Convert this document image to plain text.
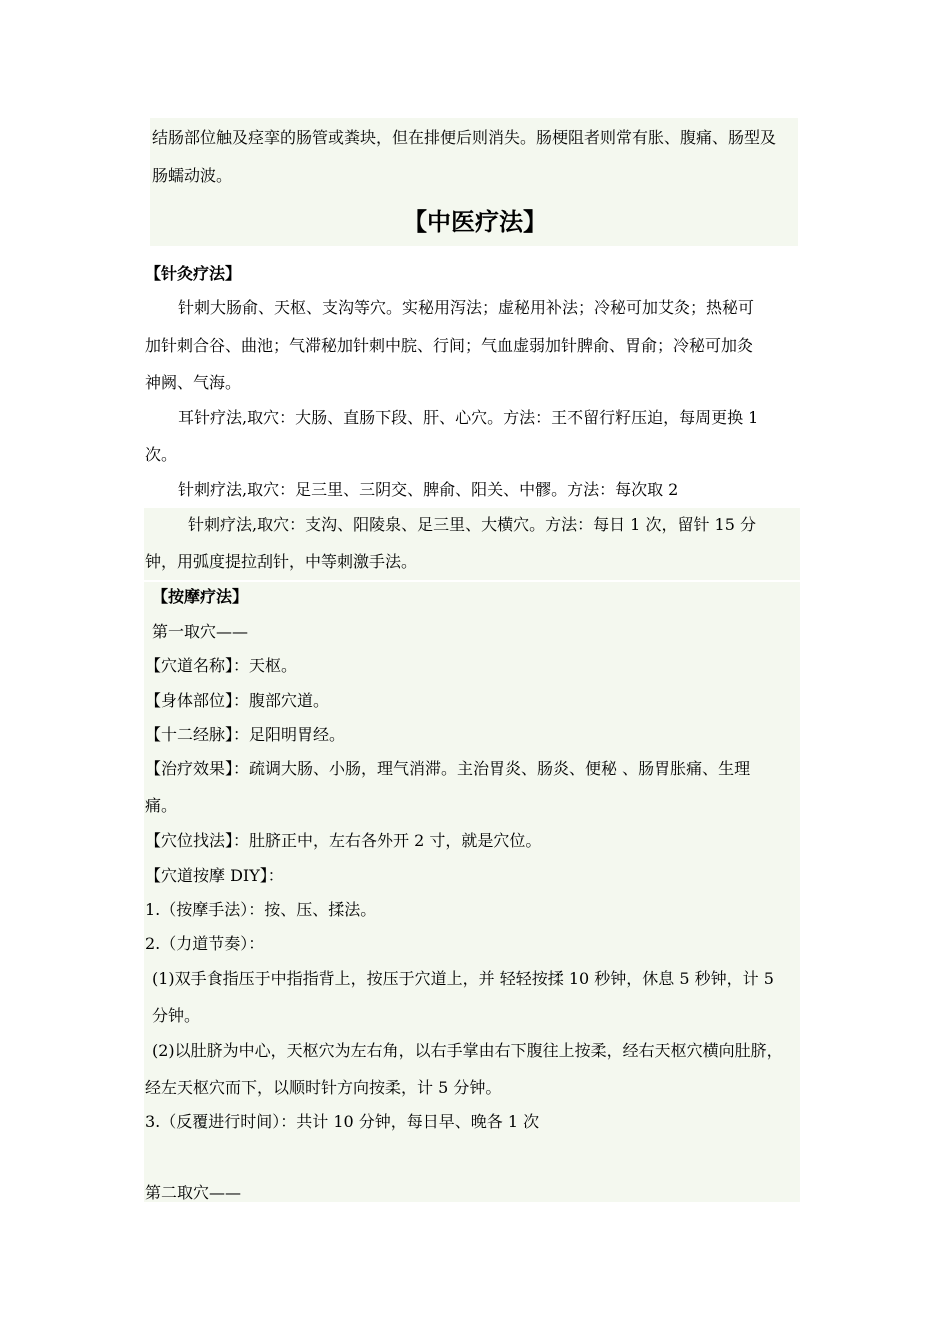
结肠部位触及痉挛的肠管或粪块，但在排便后则消失。肠梗阻者则常有胀、腹痛、肠型及
肠蠕动波。
【中医疗法】
【针灸疗法】
针刺大肠俞、天枢、支沟等穴。实秘用泻法；虚秘用补法；冷秘可加艾灸；热秘可
加针刺合谷、曲池；气滞秘加针刺中脘、行间；气血虚弱加针脾俞、胃俞；冷秘可加灸
神阙、气海。
耳针疗法,取穴：大肠、直肠下段、肝、心穴。方法：王不留行籽压迫，每周更换 1
次。
针刺疗法,取穴：足三里、三阴交、脾俞、阳关、中髎。方法：每次取 2
针刺疗法,取穴：支沟、阳陵泉、足三里、大横穴。方法：每日 1 次，留针 15 分
钟，用弧度提拉刮针，中等刺激手法。
【按摩疗法】
第一取穴——
【穴道名称】：天枢。
【身体部位】：腹部穴道。
【十二经脉】：足阳明胃经。
【治疗效果】：疏调大肠、小肠，理气消滞。主治胃炎、肠炎、便秘 、肠胃胀痛、生理
痛。
【穴位找法】：肚脐正中，左右各外开 2 寸，就是穴位。
【穴道按摩 DIY】：
1.（按摩手法）：按、压、揉法。
2.（力道节奏）：
(1)双手食指压于中指指背上，按压于穴道上，并 轻轻按揉 10 秒钟，休息 5 秒钟，计 5
分钟。
(2)以肚脐为中心，天枢穴为左右角，以右手掌由右下腹往上按柔，经右天枢穴横向肚脐，
经左天枢穴而下，以顺时针方向按柔，计 5 分钟。
3.（反覆进行时间）：共计 10 分钟，每日早、晚各 1 次
第二取穴——
